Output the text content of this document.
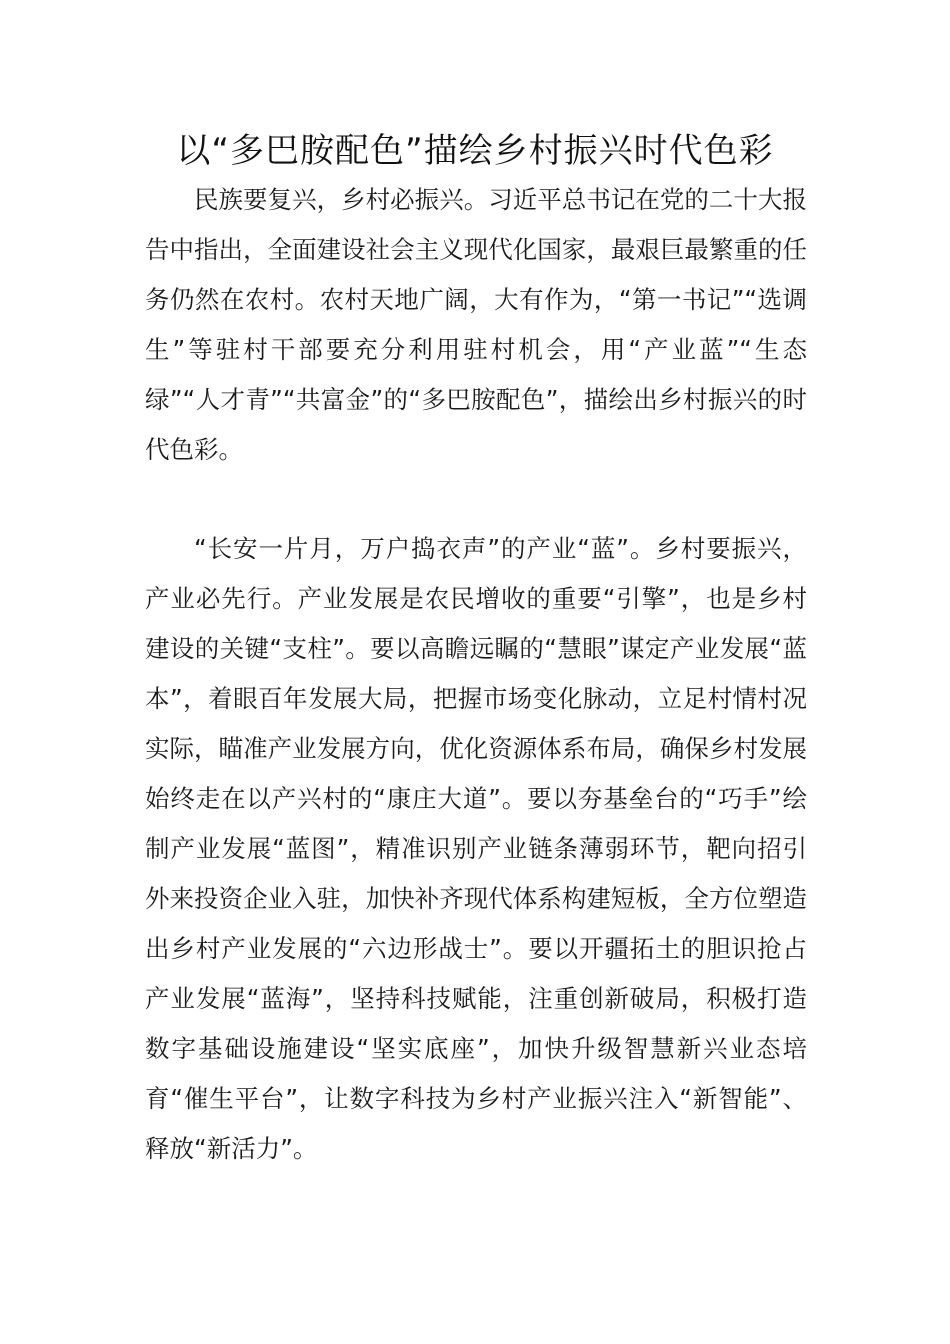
以“多巴胺配色”描绘乡村振兴时代色彩

民族要复兴，乡村必振兴。习近平总书记在党的二十大报告中指出，全面建设社会主义现代化国家，最艰巨最繁重的任务仍然在农村。农村天地广阔，大有作为，“第一书记”“选调生”等驻村干部要充分利用驻村机会，用“产业蓝”“生态绿”“人才青”“共富金”的“多巴胺配色”，描绘出乡村振兴的时代色彩。

“长安一片月，万户捣衣声”的产业“蓝”。乡村要振兴，产业必先行。产业发展是农民增收的重要“引擎”，也是乡村建设的关键“支柱”。要以高瞻远瞩的“慧眼”谋定产业发展“蓝本”，着眼百年发展大局，把握市场变化脉动，立足村情村况实际，瞄准产业发展方向，优化资源体系布局，确保乡村发展始终走在以产兴村的“康庄大道”。要以夯基垒台的“巧手”绘制产业发展“蓝图”，精准识别产业链条薄弱环节，靶向招引外来投资企业入驻，加快补齐现代体系构建短板，全方位塑造出乡村产业发展的“六边形战士”。要以开疆拓土的胆识抢占产业发展“蓝海”，坚持科技赋能，注重创新破局，积极打造数字基础设施建设“坚实底座”，加快升级智慧新兴业态培育“催生平台”，让数字科技为乡村产业振兴注入“新智能”、释放“新活力”。
